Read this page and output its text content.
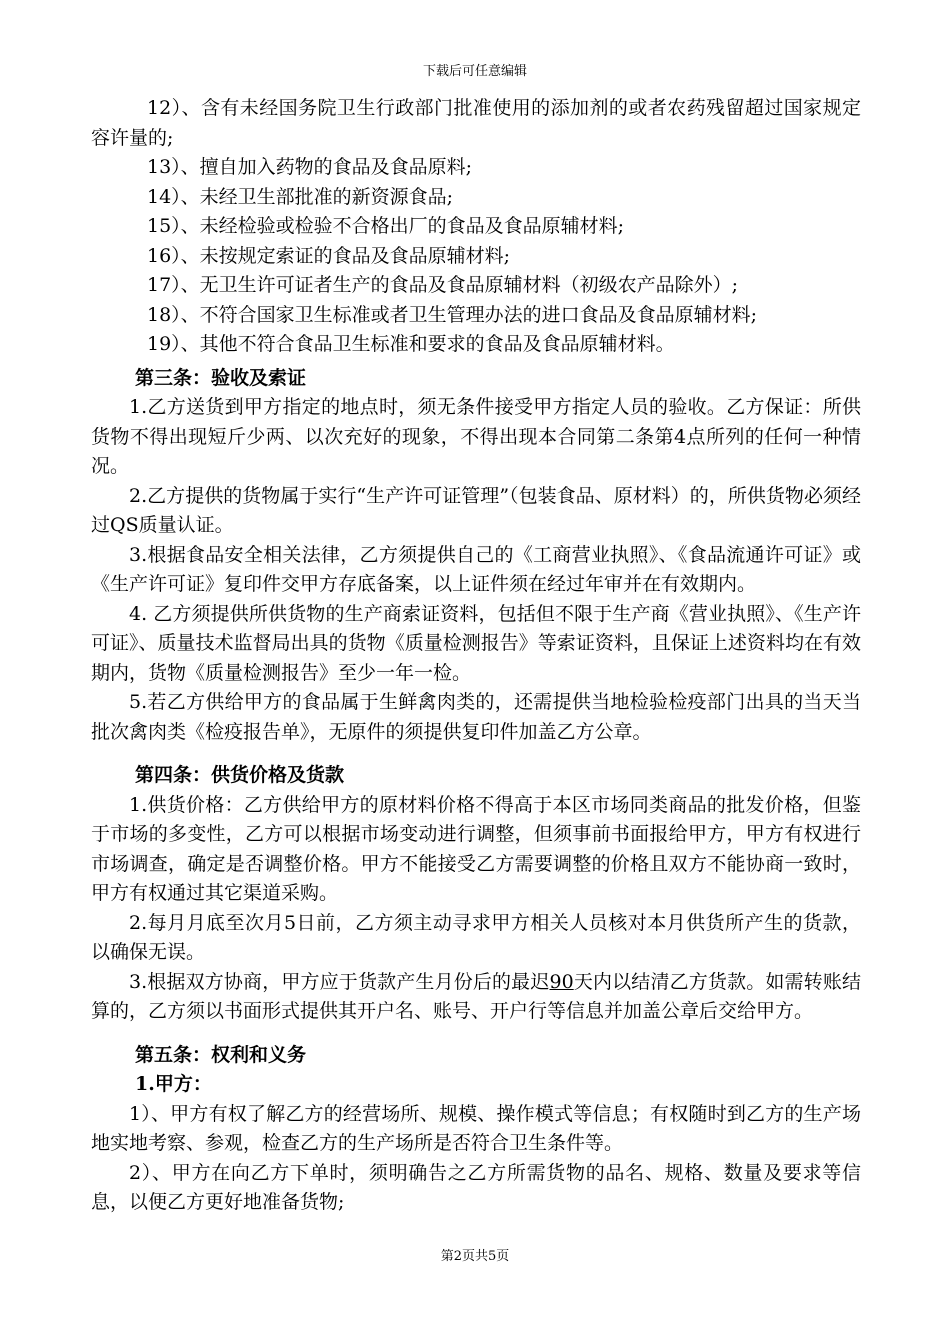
下载后可任意编辑

12）、含有未经国务院卫生行政部门批准使用的添加剂的或者农药残留超过国家规定容许量的;

13）、擅自加入药物的食品及食品原料;

14）、未经卫生部批准的新资源食品;

15）、未经检验或检验不合格出厂的食品及食品原辅材料;

16）、未按规定索证的食品及食品原辅材料;

17）、无卫生许可证者生产的食品及食品原辅材料（初级农产品除外）;

18）、不符合国家卫生标准或者卫生管理办法的进口食品及食品原辅材料;

19）、其他不符合食品卫生标准和要求的食品及食品原辅材料。

第三条：验收及索证

1.乙方送货到甲方指定的地点时，须无条件接受甲方指定人员的验收。乙方保证：所供货物不得出现短斤少两、以次充好的现象，不得出现本合同第二条第4点所列的任何一种情况。

2.乙方提供的货物属于实行“生产许可证管理”（包装食品、原材料）的，所供货物必须经过QS质量认证。

3.根据食品安全相关法律，乙方须提供自己的《工商营业执照》、《食品流通许可证》或《生产许可证》复印件交甲方存底备案，以上证件须在经过年审并在有效期内。

4. 乙方须提供所供货物的生产商索证资料，包括但不限于生产商《营业执照》、《生产许可证》、质量技术监督局出具的货物《质量检测报告》等索证资料，且保证上述资料均在有效期内，货物《质量检测报告》至少一年一检。

5.若乙方供给甲方的食品属于生鲜禽肉类的，还需提供当地检验检疫部门出具的当天当批次禽肉类《检疫报告单》，无原件的须提供复印件加盖乙方公章。

第四条：供货价格及货款

1.供货价格：乙方供给甲方的原材料价格不得高于本区市场同类商品的批发价格，但鉴于市场的多变性，乙方可以根据市场变动进行调整，但须事前书面报给甲方，甲方有权进行市场调查，确定是否调整价格。甲方不能接受乙方需要调整的价格且双方不能协商一致时，甲方有权通过其它渠道采购。

2.每月月底至次月5日前，乙方须主动寻求甲方相关人员核对本月供货所产生的货款，以确保无误。

3.根据双方协商，甲方应于货款产生月份后的最迟90天内以结清乙方货款。如需转账结算的，乙方须以书面形式提供其开户名、账号、开户行等信息并加盖公章后交给甲方。

第五条：权利和义务

1.甲方：

1）、甲方有权了解乙方的经营场所、规模、操作模式等信息；有权随时到乙方的生产场地实地考察、参观，检查乙方的生产场所是否符合卫生条件等。

2）、甲方在向乙方下单时，须明确告之乙方所需货物的品名、规格、数量及要求等信息，以便乙方更好地准备货物;

第2页共5页
